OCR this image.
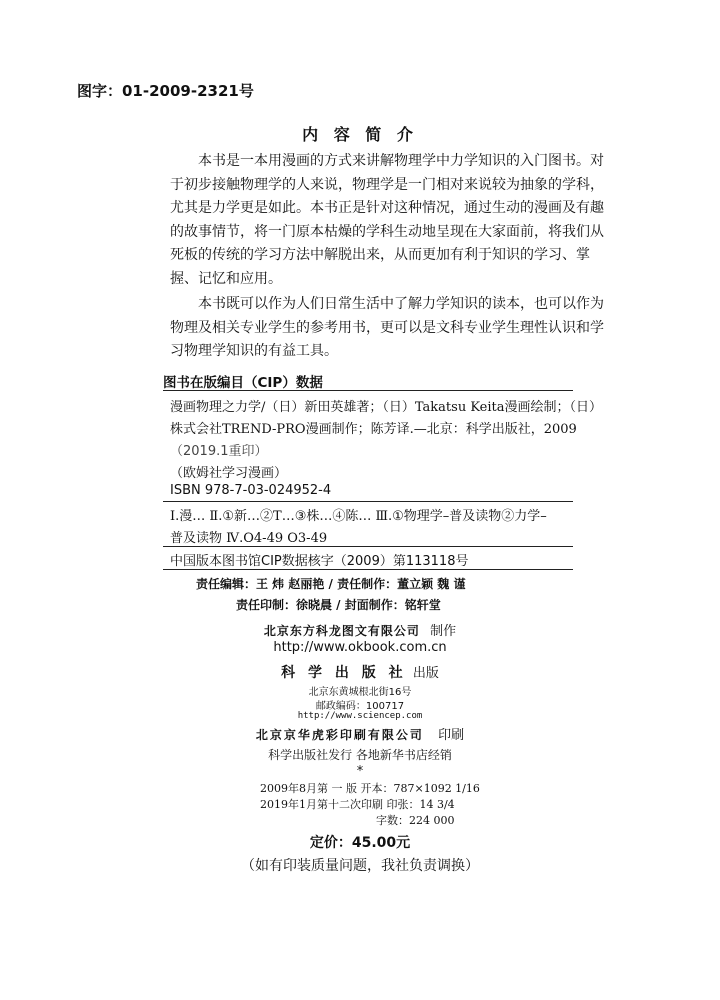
图字：01-2009-2321号
内 容 简 介

本书是一本用漫画的方式来讲解物理学中力学知识的入门图书。对

于初步接触物理学的人来说，物理学是一门相对来说较为抽象的学科，

尤其是力学更是如此。本书正是针对这种情况，通过生动的漫画及有趣

的故事情节，将一门原本枯燥的学科生动地呈现在大家面前，将我们从

死板的传统的学习方法中解脱出来，从而更加有利于知识的学习、掌

握、记忆和应用。

本书既可以作为人们日常生活中了解力学知识的读本，也可以作为

物理及相关专业学生的参考用书，更可以是文科专业学生理性认识和学

习物理学知识的有益工具。

图书在版编目（CIP）数据
漫画物理之力学/（日）新田英雄著；（日）Takatsu Keita漫画绘制；（日）
株式会社TREND-PRO漫画制作；陈芳译.—北京：科学出版社，2009
（2019.1重印）
（欧姆社学习漫画）
ISBN 978-7-03-024952-4
Ⅰ.漫… Ⅱ.①新…②T…③株…④陈… Ⅲ.①物理学–普及读物②力学–
普及读物 Ⅳ.O4-49 O3-49
中国版本图书馆CIP数据核字（2009）第113118号
责任编辑：王 炜 赵丽艳 / 责任制作：董立颖 魏 谨
责任印制：徐晓晨 / 封面制作：铭轩堂
北京东方科龙图文有限公司 制作
http://www.okbook.com.cn
科 学 出 版 社 出版
北京东黄城根北街16号
邮政编码：100717
http://www.sciencep.com
北京京华虎彩印刷有限公司 印刷
科学出版社发行 各地新华书店经销
*
2009年8月第 一 版 开本：787×1092 1/16
2019年1月第十二次印刷 印张：14 3/4
字数：224 000
定价：45.00元
（如有印装质量问题，我社负责调换）
